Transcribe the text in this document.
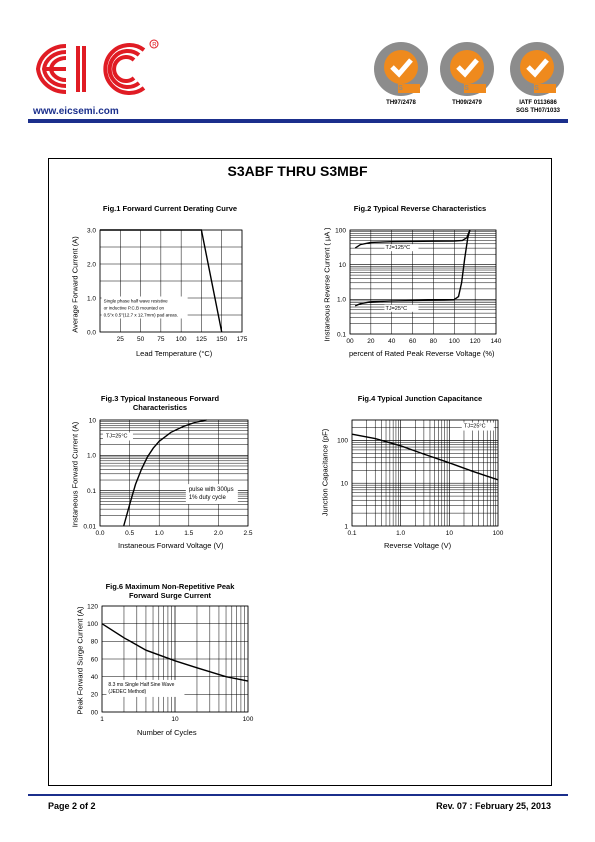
R
www.eicsemi.com
SGS
TH97/2478
SGS
TH09/2479
SGS
IATF 0113686
SGS TH07/1033
S3ABF THRU S3MBF
Fig.1 Forward Current Derating Curve	Fig.2 Typical Reverse Characteristics
Fig.3 Typical Instaneous Forward
Characteristics
Fig.4 Typical Junction Capacitance
Fig.6 Maximum Non-Repetitive Peak
Forward Surge Current
Lead Temperature (°C)
Average Forward Current (A)
percent of Rated Peak Reverse Voltage (%)
Instaneous Reverse Current ( μA )
Instaneous Forward Voltage (V)
Instaneous Forward Current (A)
Reverse Voltage (V)
Junction Capacitance (pF)
Number of Cycles
Peak Forward Surge Current (A)
25 50 75 100 125 150 175
0.0
1.0
2.0
3.0
Single phase half wave resistive
or inductive P.C.B mounted on
0.5"x 0.5"(12.7 x 12.7mm) pad areas.
00 20 40 60 80 100 120 140
0.1
1.0
10
100
TJ=125°C
TJ=25°C
0.0	0.5	1.0	1.5	2.0	2.5
0.01
0.1
1.0
10
TJ=25°C
pulse with 300μs
1% duty cycle
0.1	1.0	10	100
1
10
100
TJ=25°C
1	10	100
00
20
40
60
80
100
120
8.3 ms Single Half Sine Wave
(JEDEC Method)
Page 2 of 2	Rev. 07 : February 25, 2013
